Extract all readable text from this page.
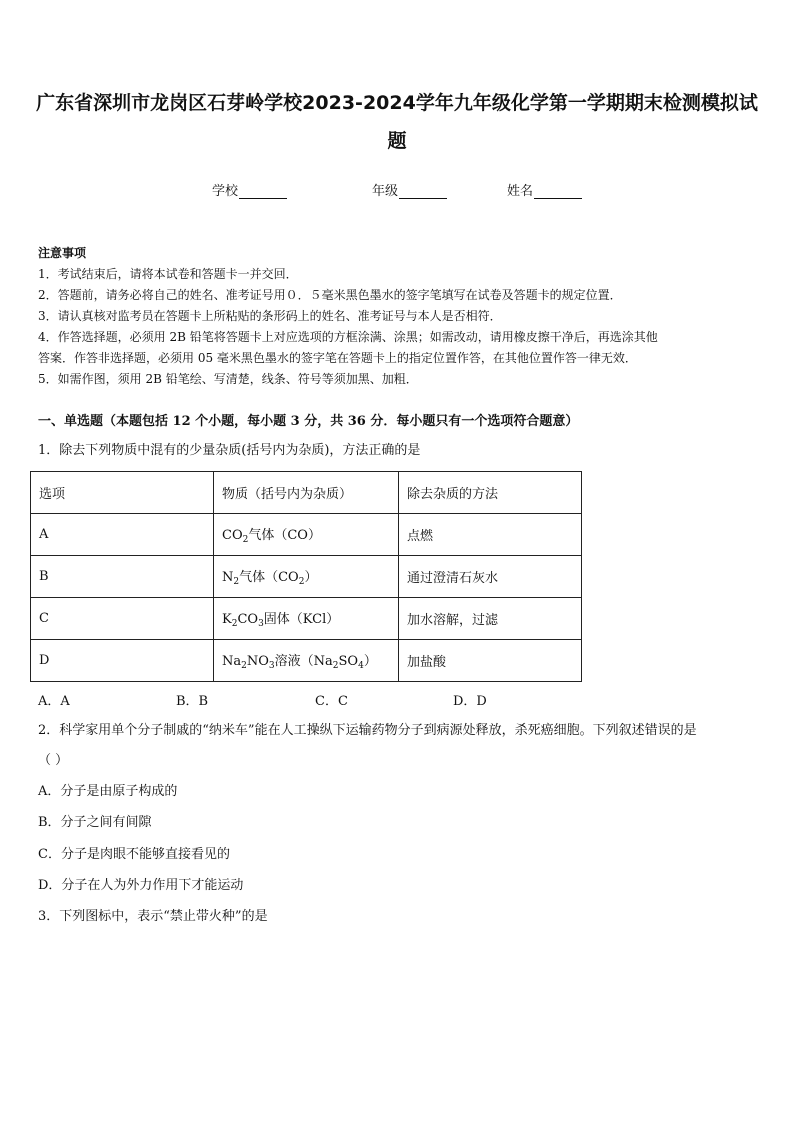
广东省深圳市龙岗区石芽岭学校2023-2024学年九年级化学第一学期期末检测模拟试题
学校	年级	姓名
注意事项
1．考试结束后，请将本试卷和答题卡一并交回．
2．答题前，请务必将自己的姓名、准考证号用０．５毫米黑色墨水的签字笔填写在试卷及答题卡的规定位置．
3．请认真核对监考员在答题卡上所粘贴的条形码上的姓名、准考证号与本人是否相符．
4．作答选择题，必须用 2B 铅笔将答题卡上对应选项的方框涂满、涂黑；如需改动，请用橡皮擦干净后，再选涂其他
答案．作答非选择题，必须用 05 毫米黑色墨水的签字笔在答题卡上的指定位置作答，在其他位置作答一律无效．
5．如需作图，须用 2B 铅笔绘、写清楚，线条、符号等须加黑、加粗．
一、单选题（本题包括 12 个小题，每小题 3 分，共 36 分．每小题只有一个选项符合题意）
1．除去下列物质中混有的少量杂质(括号内为杂质)，方法正确的是
选项	物质（括号内为杂质）	除去杂质的方法
A	$CO_2$气体（CO）	点燃
B	$N_2$气体$(CO_2)$	通过澄清石灰水
C	$K_2CO_3$固体（KCl）	加水溶解，过滤
D	$Na_2NO_3$溶液$(Na_2SO_4)$	加盐酸
A．A	B．B	C．C	D．D
2．科学家用单个分子制戚的“纳米车”能在人工操纵下运输药物分子到病源处释放，杀死癌细胞。下列叙述错误的是
（ ）
A．分子是由原子构成的
B．分子之间有间隙
C．分子是肉眼不能够直接看见的
D．分子在人为外力作用下才能运动
3．下列图标中，表示“禁止带火种”的是
